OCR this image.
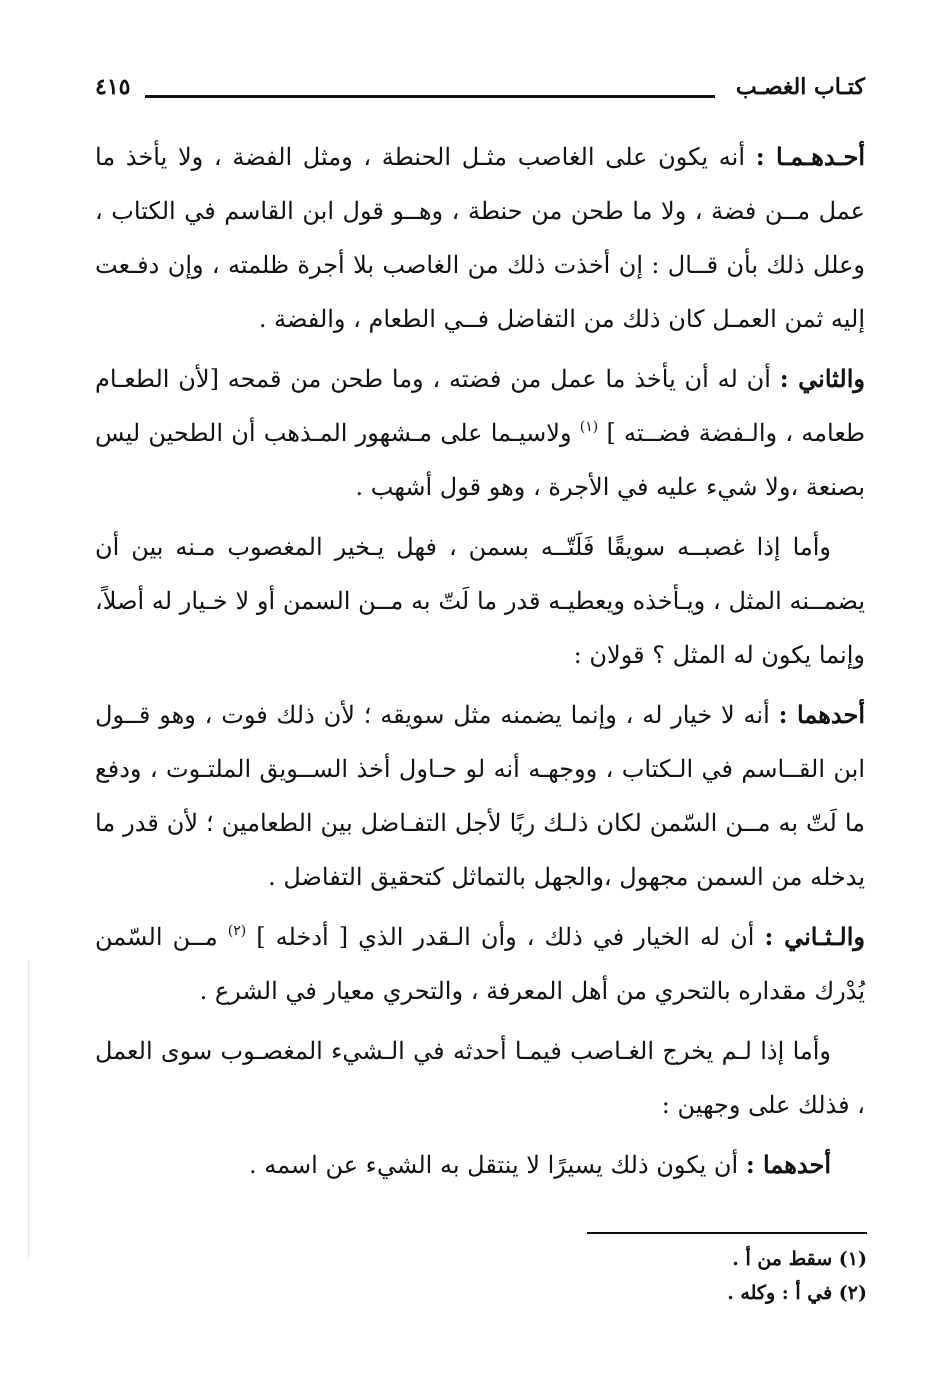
كتـاب الغصـب
٤١٥

أحـدهـمـا : أنه يكون على الغاصب مثـل الحنطة ، ومثل الفضة ، ولا يأخذ ما عمل مــن فضة ، ولا ما طحن من حنطة ، وهــو قول ابن القاسم في الكتاب ، وعلل ذلك بأن قــال : إن أخذت ذلك من الغاصب بلا أجرة ظلمته ، وإن دفـعت إليه ثمن العمـل كان ذلك من التفاضل فــي الطعام ، والفضة .

والثاني : أن له أن يأخذ ما عمل من فضته ، وما طحن من قمحه [لأن الطعـام طعامه ، والـفضة فضــته ] $^{(١)}$ ولاسيـما على مـشهور المـذهب أن الطحين ليس بصنعة ،ولا شيء عليه في الأجرة ، وهو قول أشهب .

وأما إذا غصبــه سويقًا فَلَتّــه بسمن ، فهل يـخير المغصوب مـنه بين أن يضمــنه المثل ، ويـأخذه ويعطيـه قدر ما لَتّ به مــن السمن أو لا خـيار له أصلاً، وإنما يكون له المثل ؟ قولان :

أحدهما : أنه لا خيار له ، وإنما يضمنه مثل سويقه ؛ لأن ذلك فوت ، وهو قــول ابن القــاسم في الـكتاب ، ووجهـه أنه لو حـاول أخذ الســويق الملتـوت ، ودفع ما لَتّ به مــن السّمن لكان ذلـك ربًا لأجل التفـاضل بين الطعامين ؛ لأن قدر ما يدخله من السمن مجهول ،والجهل بالتماثل كتحقيق التفاضل .

والـثـاني : أن له الخيار في ذلك ، وأن الـقدر الذي [ أدخله ] $^{(٢)}$ مــن السّمن يُدْرك مقداره بالتحري من أهل المعرفة ، والتحري معيار في الشرع .

وأما إذا لـم يخرج الغـاصب فيمـا أحدثه في الـشيء المغصـوب سوى العمل ، فذلك على وجهين :

أحدهما : أن يكون ذلك يسيرًا لا ينتقل به الشيء عن اسمه .

(١) سقط من أ .
(٢) في أ : وكله .
